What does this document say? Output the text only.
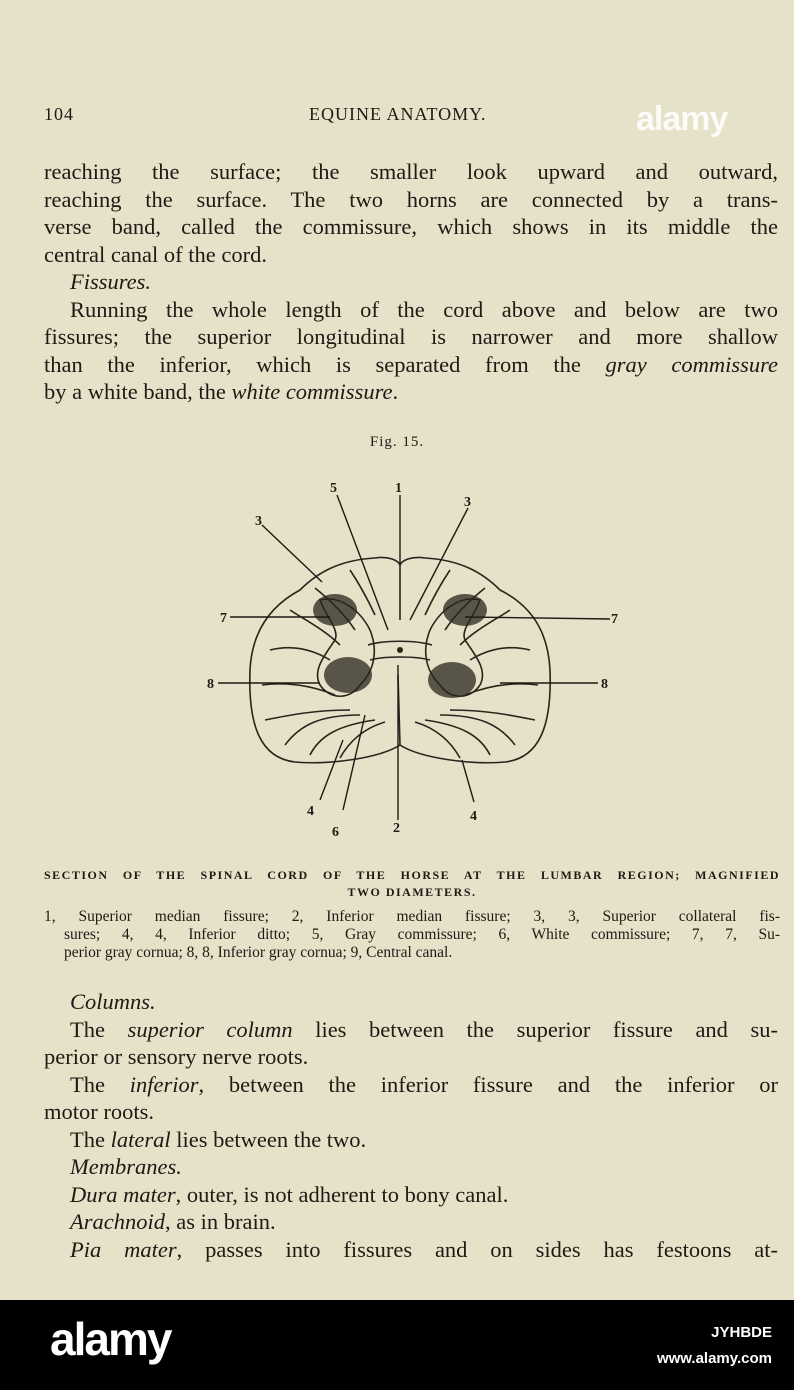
104	EQUINE ANATOMY.	alamy

reaching the surface; the smaller look upward and outward,

reaching the surface. The two horns are connected by a trans-

verse band, called the commissure, which shows in its middle the

central canal of the cord.

Fissures.

Running the whole length of the cord above and below are two

fissures; the superior longitudinal is narrower and more shallow

than the inferior, which is separated from the gray commissure

by a white band, the white commissure.

Fig. 15.
1
5
3
3
7	7
8	8
4	4
6	2
SECTION OF THE SPINAL CORD OF THE HORSE AT THE LUMBAR REGION; MAGNIFIED
TWO DIAMETERS.

1, Superior median fissure; 2, Inferior median fissure; 3, 3, Superior collateral fis-

sures; 4, 4, Inferior ditto; 5, Gray commissure; 6, White commissure; 7, 7, Su-

perior gray cornua; 8, 8, Inferior gray cornua; 9, Central canal.

Columns.

The superior column lies between the superior fissure and su-

perior or sensory nerve roots.

The inferior, between the inferior fissure and the inferior or

motor roots.

The lateral lies between the two.

Membranes.

Dura mater, outer, is not adherent to bony canal.

Arachnoid, as in brain.

Pia mater, passes into fissures and on sides has festoons at-

alamy	JYHBDE
www.alamy.com
